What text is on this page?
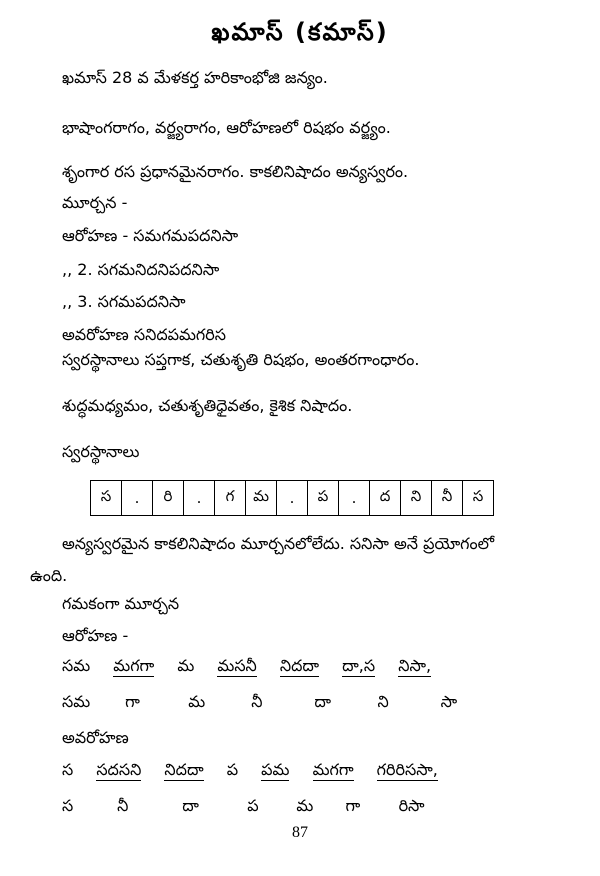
ఖమాస్ (కమాస్)
ఖమాస్ 28 వ మేళకర్త హరికాంభోజి జన్యం.
భాషాంగరాగం, వర్జ్యరాగం, ఆరోహణలో రిషభం వర్జ్యం.
శృంగార రస ప్రధానమైనరాగం. కాకలినిషాదం అన్యస్వరం.
మూర్చన -
ఆరోహణ - సమగమపదనిసా
,, 2. సగమనిదనిపదనిసా
,, 3. సగమపదనిసా
అవరోహణ సనిదపమగరిస
స్వరస్థానాలు సప్తగాక, చతుశృతి రిషభం, అంతరగాంధారం.
శుద్ధమధ్యమం, చతుశృతిధైవతం, కైశిక నిషాదం.
స్వరస్థానాలు
స	.	రి	.	గ	మ	.	ప	.	ద	ని	నీ	స
అన్యస్వరమైన కాకలినిషాదం మూర్చనలోలేదు. సనిసా అనే ప్రయోగంలో
ఉంది.
గమకంగా మూర్చన
ఆరోహణ -
సమ మగగా మ మసనీ నిదదా దా,స నిసా,
సమ గా	మ	నీ	దా	ని	సా
అవరోహణ
స సదసని నిదదా ప పమ మగగా గరిరిససా,
స	నీ	దా	ప మ గా రిసా
87
